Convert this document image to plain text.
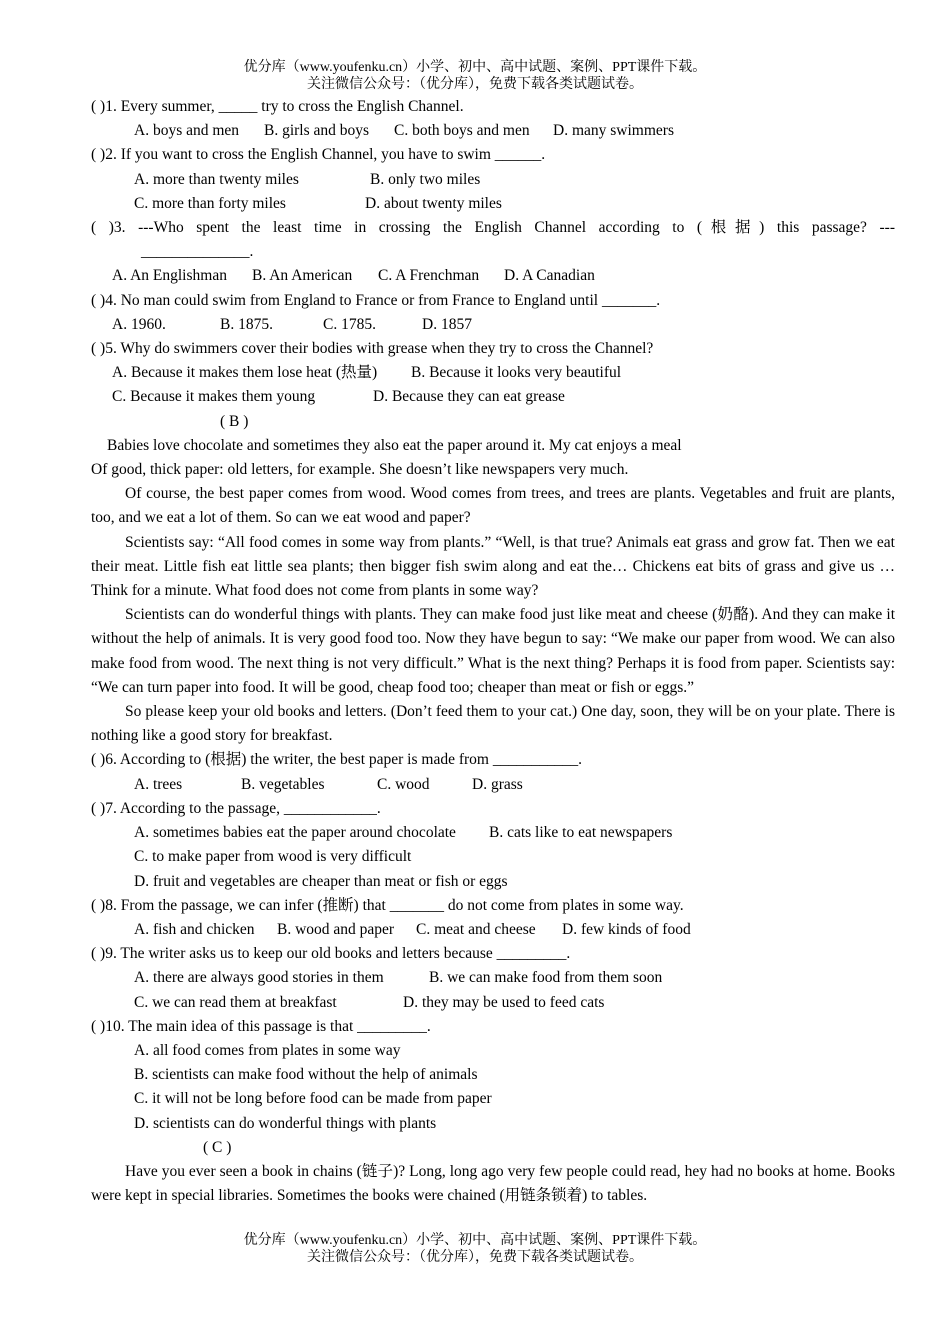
优分库（www.youfenku.cn）小学、初中、高中试题、案例、PPT课件下载。
关注微信公众号：（优分库），免费下载各类试题试卷。
( )1. Every summer, _____ try to cross the English Channel.
A. boys and men B. girls and boys C. both boys and men D. many swimmers
( )2. If you want to cross the English Channel, you have to swim ______.
A. more than twenty miles	B. only two miles
C. more than forty miles	D. about twenty miles
( )3. ---Who spent the least time in crossing the English Channel according to (根据) this passage? ---
______________.
A. An Englishman B. An American C. A Frenchman D. A Canadian
( )4. No man could swim from England to France or from France to England until _______.
A. 1960.	B. 1875.	C. 1785.	D. 1857
( )5. Why do swimmers cover their bodies with grease when they try to cross the Channel?
A. Because it makes them lose heat (热量) B. Because it looks very beautiful
C. Because it makes them young	D. Because they can eat grease
( B )
Babies love chocolate and sometimes they also eat the paper around it. My cat enjoys a meal
Of good, thick paper: old letters, for example. She doesn’t like newspapers very much.
Of course, the best paper comes from wood. Wood comes from trees, and trees are plants. Vegetables and fruit are plants, too, and we eat a lot of them. So can we eat wood and paper?
Scientists say: “All food comes in some way from plants.” “Well, is that true? Animals eat grass and grow fat. Then we eat their meat. Little fish eat little sea plants; then bigger fish swim along and eat the… Chickens eat bits of grass and give us … Think for a minute. What food does not come from plants in some way?
Scientists can do wonderful things with plants. They can make food just like meat and cheese (奶酪). And they can make it without the help of animals. It is very good food too. Now they have begun to say: “We make our paper from wood. We can also make food from wood. The next thing is not very difficult.” What is the next thing? Perhaps it is food from paper. Scientists say: “We can turn paper into food. It will be good, cheap food too; cheaper than meat or fish or eggs.”
So please keep your old books and letters. (Don’t feed them to your cat.) One day, soon, they will be on your plate. There is nothing like a good story for breakfast.
( )6. According to (根据) the writer, the best paper is made from ___________.
A. trees	B. vegetables	C. wood	D. grass
( )7. According to the passage, ____________.
A. sometimes babies eat the paper around chocolate B. cats like to eat newspapers
C. to make paper from wood is very difficult
D. fruit and vegetables are cheaper than meat or fish or eggs
( )8. From the passage, we can infer (推断) that _______ do not come from plates in some way.
A. fish and chicken B. wood and paper C. meat and cheese D. few kinds of food
( )9. The writer asks us to keep our old books and letters because _________.
A. there are always good stories in them	B. we can make food from them soon
C. we can read them at breakfast	D. they may be used to feed cats
( )10. The main idea of this passage is that _________.
A. all food comes from plates in some way
B. scientists can make food without the help of animals
C. it will not be long before food can be made from paper
D. scientists can do wonderful things with plants
( C )
Have you ever seen a book in chains (链子)? Long, long ago very few people could read, hey had no books at home. Books were kept in special libraries. Sometimes the books were chained (用链条锁着) to tables.
优分库（www.youfenku.cn）小学、初中、高中试题、案例、PPT课件下载。
关注微信公众号：（优分库），免费下载各类试题试卷。
